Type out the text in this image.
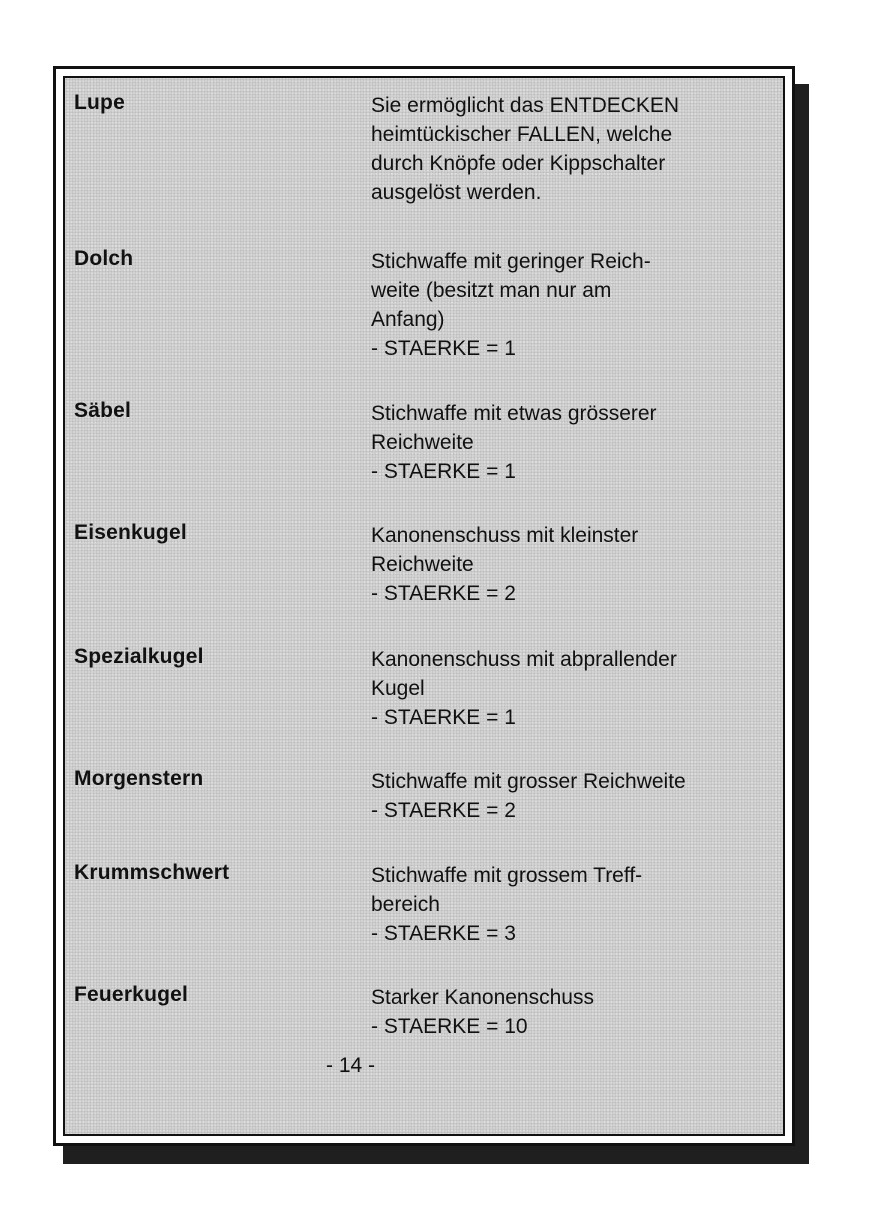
Lupe	Sie ermöglicht das ENTDECKEN
heimtückischer FALLEN, welche
durch Knöpfe oder Kippschalter
ausgelöst werden.
Dolch	Stichwaffe mit geringer Reich-
weite (besitzt man nur am
Anfang)
- STAERKE = 1
Säbel	Stichwaffe mit etwas grösserer
Reichweite
- STAERKE = 1
Eisenkugel	Kanonenschuss mit kleinster
Reichweite
- STAERKE = 2
Spezialkugel	Kanonenschuss mit abprallender
Kugel
- STAERKE = 1
Morgenstern	Stichwaffe mit grosser Reichweite
- STAERKE = 2
Krummschwert	Stichwaffe mit grossem Treff-
bereich
- STAERKE = 3
Feuerkugel	Starker Kanonenschuss
- STAERKE = 10
- 14 -
